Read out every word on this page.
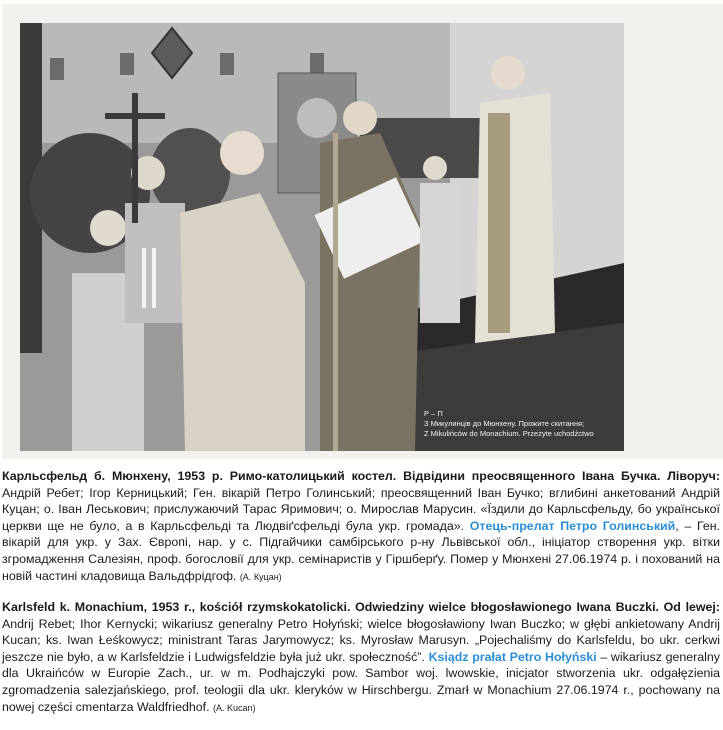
Р – П
З Микулинців до Мюнхену. Прожите скитання;
Z Mikulińców do Monachium. Przeżyte uchodźctwo
Карльсфельд б. Мюнхену, 1953 р. Римо-католицький костел. Відвідини преосвященного Івана Бучка. Ліворуч: Андрій Ребет; Ігор Керницький; Ген. вікарій Петро Голинський; преосвященний Іван Бучко; вглибині анкетований Андрій Куцан; о. Іван Леськович; прислужаючий Тарас Яримович; о. Мирослав Марусин. «Їздили до Карльсфельду, бо української церкви ще не було, а в Карльсфельді та Людвіґсфельді була укр. громада». Отець-прелат Петро Голинський, – Ген. вікарій для укр. у Зах. Європі, нар. у с. Підгайчики самбірського р-ну Львівської обл., ініціатор створення укр. вітки згромадження Салезіян, проф. богословії для укр. семінаристів у Гіршберґу. Помер у Мюнхені 27.06.1974 р. і похований на новій частині кладовища Вальдфрідгоф. (А. Куцан)
Karlsfeld k. Monachium, 1953 r., kościół rzymskokatolicki. Odwiedziny wielce błogosławionego Iwana Buczki. Od lewej: Andrij Rebet; Ihor Kernycki; wikariusz generalny Petro Hołyński; wielce błogosławiony Iwan Buczko; w głębi ankietowany Andrij Kucan; ks. Iwan Łeśkowycz; ministrant Taras Jarymowycz; ks. Myrosław Marusyn. „Pojechaliśmy do Karlsfeldu, bo ukr. cerkwi jeszcze nie było, a w Karlsfeldzie i Ludwigsfeldzie była już ukr. społeczność”. Ksiądz prałat Petro Hołyński – wikariusz generalny dla Ukraińców w Europie Zach., ur. w m. Podhajczyki pow. Sambor woj. lwowskie, inicjator stworzenia ukr. odgałęzienia zgromadzenia salezjańskiego, prof. teologii dla ukr. kleryków w Hirschbergu. Zmarł w Monachium 27.06.1974 r., pochowany na nowej części cmentarza Waldfriedhof. (A. Kucan)
